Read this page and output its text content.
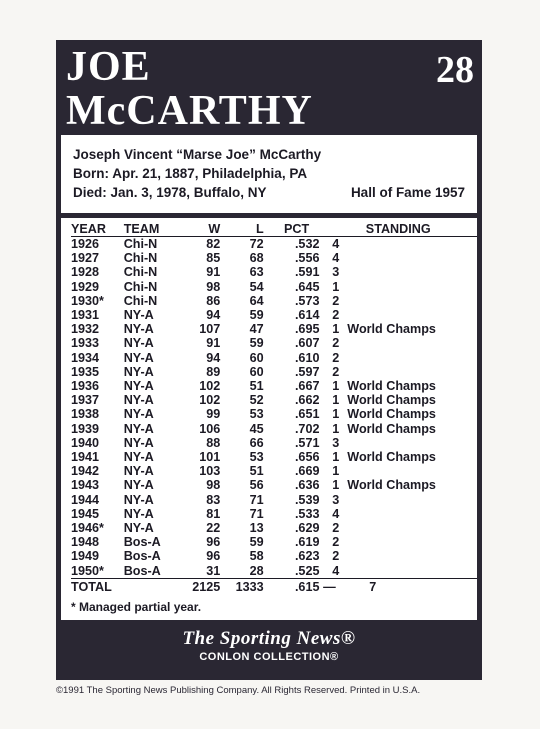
JOE
McCARTHY
28
Joseph Vincent “Marse Joe” McCarthy
Born: Apr. 21, 1887, Philadelphia, PA
Died: Jan. 3, 1978, Buffalo, NY	Hall of Fame 1957
YEAR	TEAM	W	L	PCT	STANDING	
1926	Chi-N	82	72	.532	4	
1927	Chi-N	85	68	.556	4	
1928	Chi-N	91	63	.591	3	
1929	Chi-N	98	54	.645	1	
1930*	Chi-N	86	64	.573	2	
1931	NY-A	94	59	.614	2	
1932	NY-A	107	47	.695	1	World Champs
1933	NY-A	91	59	.607	2	
1934	NY-A	94	60	.610	2	
1935	NY-A	89	60	.597	2	
1936	NY-A	102	51	.667	1	World Champs
1937	NY-A	102	52	.662	1	World Champs
1938	NY-A	99	53	.651	1	World Champs
1939	NY-A	106	45	.702	1	World Champs
1940	NY-A	88	66	.571	3	
1941	NY-A	101	53	.656	1	World Champs
1942	NY-A	103	51	.669	1	
1943	NY-A	98	56	.636	1	World Champs
1944	NY-A	83	71	.539	3	
1945	NY-A	81	71	.533	4	
1946*	NY-A	22	13	.629	2	
1948	Bos-A	96	59	.619	2	
1949	Bos-A	96	58	.623	2	
1950*	Bos-A	31	28	.525	4	
TOTAL		2125	1333	.615	—	7
* Managed partial year.
The Sporting News®
CONLON COLLECTION®
©1991 The Sporting News Publishing Company. All Rights Reserved. Printed in U.S.A.
